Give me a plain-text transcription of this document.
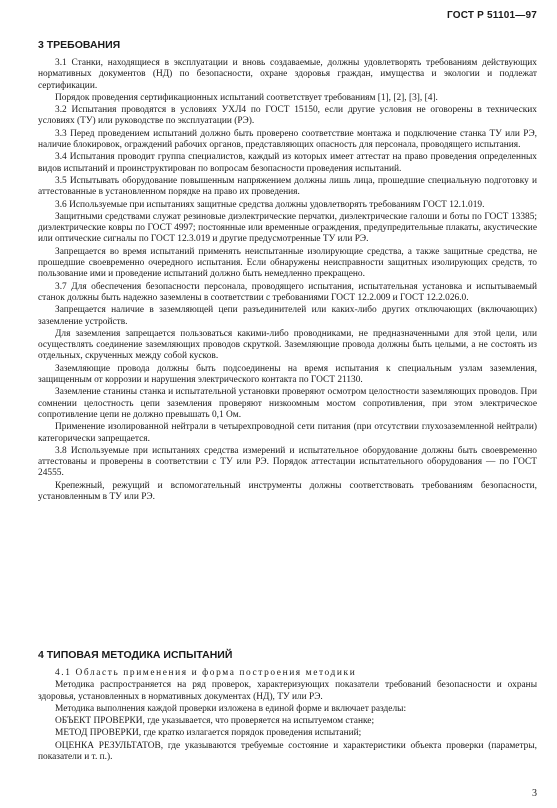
ГОСТ Р 51101—97
3 ТРЕБОВАНИЯ

3.1 Станки, находящиеся в эксплуатации и вновь создаваемые, должны удовлетворять требованиям действующих нормативных документов (НД) по безопасности, охране здоровья граждан, имущества и экологии и подлежат сертификации.

Порядок проведения сертификационных испытаний соответствует требованиям [1], [2], [3], [4].

3.2 Испытания проводятся в условиях УХЛ4 по ГОСТ 15150, если другие условия не оговорены в технических условиях (ТУ) или руководстве по эксплуатации (РЭ).

3.3 Перед проведением испытаний должно быть проверено соответствие монтажа и подключение станка ТУ или РЭ, наличие блокировок, ограждений рабочих органов, представляющих опасность для персонала, проводящего испытания.

3.4 Испытания проводит группа специалистов, каждый из которых имеет аттестат на право проведения определенных видов испытаний и проинструктирован по вопросам безопасности проведения испытаний.

3.5 Испытывать оборудование повышенным напряжением должны лишь лица, прошедшие специальную подготовку и аттестованные в установленном порядке на право их проведения.

3.6 Используемые при испытаниях защитные средства должны удовлетворять требованиям ГОСТ 12.1.019.

Защитными средствами служат резиновые диэлектрические перчатки, диэлектрические галоши и боты по ГОСТ 13385; диэлектрические ковры по ГОСТ 4997; постоянные или временные ограждения, предупредительные плакаты, акустические или оптические сигналы по ГОСТ 12.3.019 и другие предусмотренные ТУ или РЭ.

Запрещается во время испытаний применять неиспытанные изолирующие средства, а также защитные средства, не прошедшие своевременно очередного испытания. Если обнаружены неисправности защитных изолирующих средств, то пользование ими и проведение испытаний должно быть немедленно прекращено.

3.7 Для обеспечения безопасности персонала, проводящего испытания, испытательная установка и испытываемый станок должны быть надежно заземлены в соответствии с требованиями ГОСТ 12.2.009 и ГОСТ 12.2.026.0.

Запрещается наличие в заземляющей цепи разъединителей или каких-либо других отключающих (включающих) заземление устройств.

Для заземления запрещается пользоваться какими-либо проводниками, не предназначенными для этой цели, или осуществлять соединение заземляющих проводов скруткой. Заземляющие провода должны быть целыми, а не состоять из отдельных, скрученных между собой кусков.

Заземляющие провода должны быть подсоединены на время испытания к специальным узлам заземления, защищенным от коррозии и нарушения электрического контакта по ГОСТ 21130.

Заземление станины станка и испытательной установки проверяют осмотром целостности заземляющих проводов. При сомнении целостность цепи заземления проверяют низкоомным мостом сопротивления, при этом электрическое сопротивление цепи не должно превышать 0,1 Ом.

Применение изолированной нейтрали в четырехпроводной сети питания (при отсутствии глухозаземленной нейтрали) категорически запрещается.

3.8 Используемые при испытаниях средства измерений и испытательное оборудование должны быть своевременно аттестованы и проверены в соответствии с ТУ или РЭ. Порядок аттестации испытательного оборудования — по ГОСТ 24555.

Крепежный, режущий и вспомогательный инструменты должны соответствовать требованиям безопасности, установленным в ТУ или РЭ.

4 ТИПОВАЯ МЕТОДИКА ИСПЫТАНИЙ

4.1 Область применения и форма построения методики

Методика распространяется на ряд проверок, характеризующих показатели требований безопасности и охраны здоровья, установленных в нормативных документах (НД), ТУ или РЭ.

Методика выполнения каждой проверки изложена в единой форме и включает разделы:

ОБЪЕКТ ПРОВЕРКИ, где указывается, что проверяется на испытуемом станке;

МЕТОД ПРОВЕРКИ, где кратко излагается порядок проведения испытаний;

ОЦЕНКА РЕЗУЛЬТАТОВ, где указываются требуемые состояние и характеристики объекта проверки (параметры, показатели и т. п.).

3
